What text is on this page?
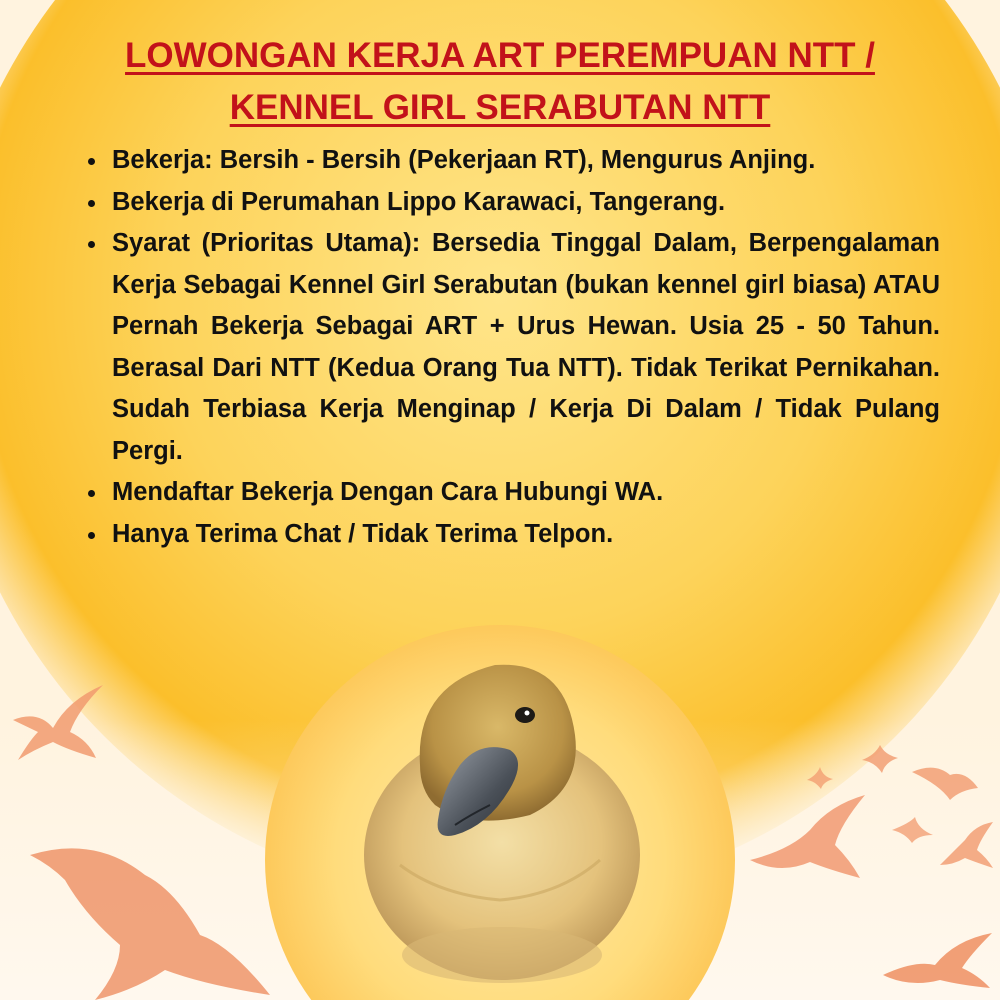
LOWONGAN KERJA ART PEREMPUAN NTT /
KENNEL GIRL SERABUTAN NTT
Bekerja: Bersih - Bersih (Pekerjaan RT), Mengurus Anjing.
Bekerja di Perumahan Lippo Karawaci, Tangerang.
Syarat (Prioritas Utama): Bersedia Tinggal Dalam, Berpengalaman Kerja Sebagai Kennel Girl Serabutan (bukan kennel girl biasa) ATAU Pernah Bekerja Sebagai ART + Urus Hewan. Usia 25 - 50 Tahun. Berasal Dari NTT (Kedua Orang Tua NTT). Tidak Terikat Pernikahan. Sudah Terbiasa Kerja Menginap / Kerja Di Dalam / Tidak Pulang Pergi.
Mendaftar Bekerja Dengan Cara Hubungi WA.
Hanya Terima Chat / Tidak Terima Telpon.
